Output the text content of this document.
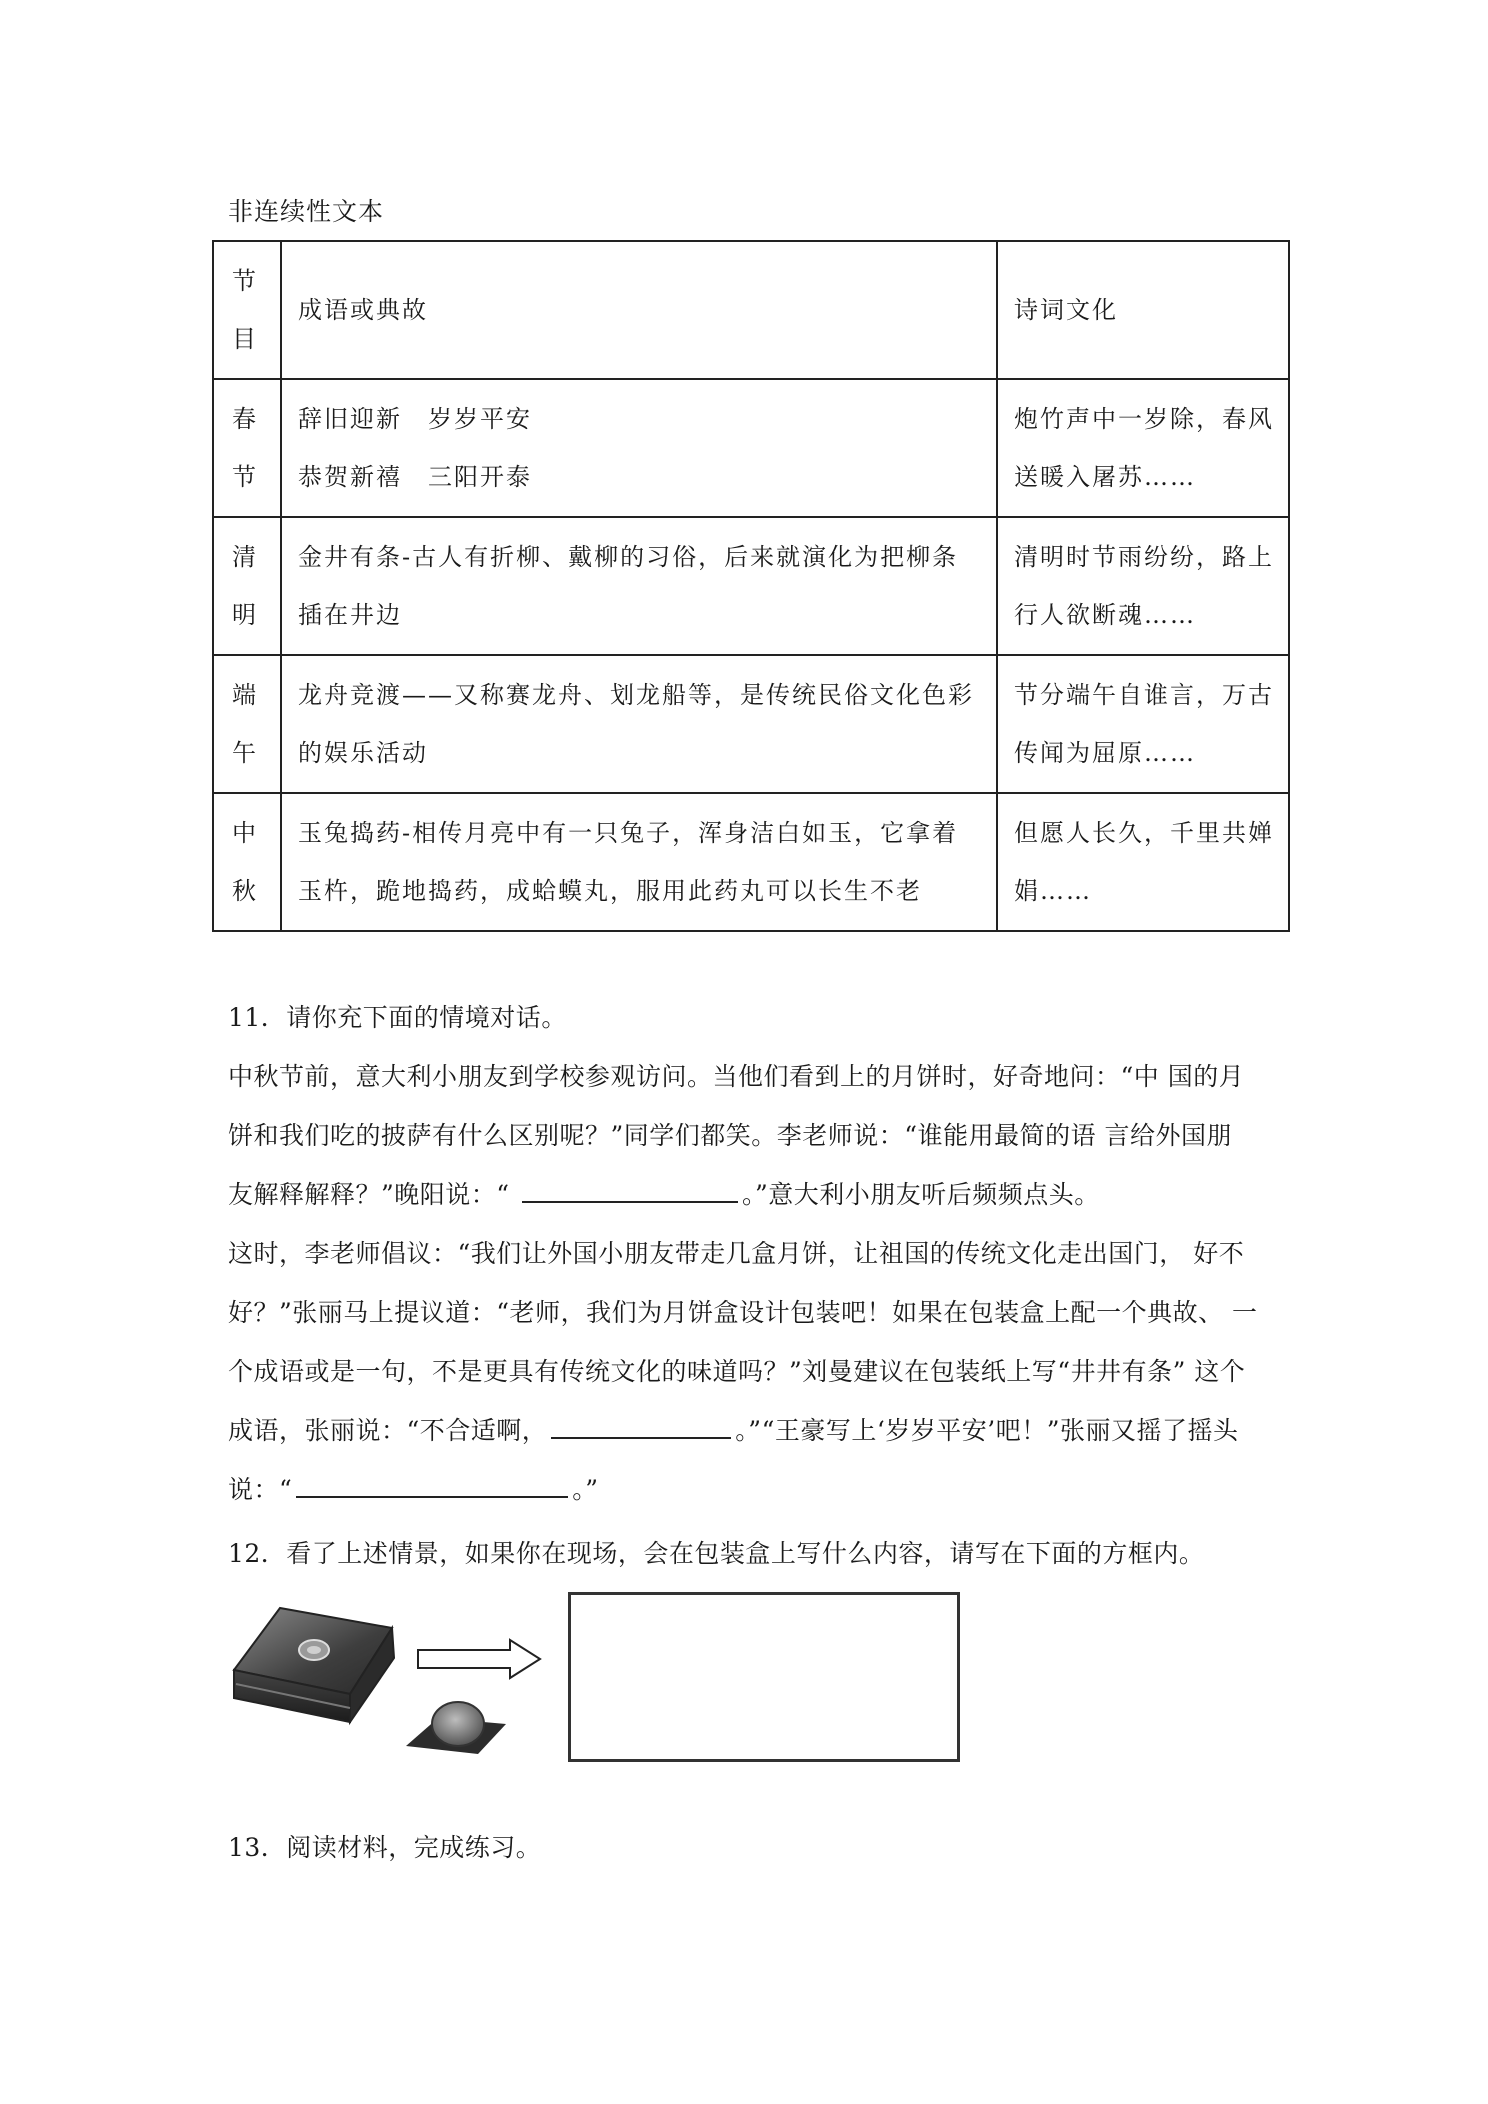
非连续性文本
节
目	成语或典故	诗词文化

春
节	辞旧迎新 岁岁平安
恭贺新禧 三阳开泰	炮竹声中一岁除，春风
送暖入屠苏……

清
明	金井有条-古人有折柳、戴柳的习俗，后来就演化为把柳条
插在井边	清明时节雨纷纷，路上
行人欲断魂……

端
午	龙舟竞渡——又称赛龙舟、划龙船等，是传统民俗文化色彩
的娱乐活动	节分端午自谁言，万古
传闻为屈原……

中
秋	玉兔捣药-相传月亮中有一只兔子，浑身洁白如玉，它拿着
玉杵，跪地捣药，成蛤蟆丸，服用此药丸可以长生不老	但愿人长久，千里共婵
娟……
11．请你充下面的情境对话。
中秋节前，意大利小朋友到学校参观访问。当他们看到上的月饼时，好奇地问：“中 国的月
饼和我们吃的披萨有什么区别呢？”同学们都笑。李老师说：“谁能用最简的语 言给外国朋
友解释解释？”晚阳说：“	。”意大利小朋友听后频频点头。
这时，李老师倡议：“我们让外国小朋友带走几盒月饼，让祖国的传统文化走出国门， 好不
好？”张丽马上提议道：“老师，我们为月饼盒设计包装吧！如果在包装盒上配一个典故、 一
个成语或是一句，不是更具有传统文化的味道吗？”刘曼建议在包装纸上写“井井有条” 这个
成语，张丽说：“不合适啊，	。”“王豪写上‘岁岁平安’吧！”张丽又摇了摇头
说：“	。”
12．看了上述情景，如果你在现场，会在包装盒上写什么内容，请写在下面的方框内。
13．阅读材料，完成练习。
